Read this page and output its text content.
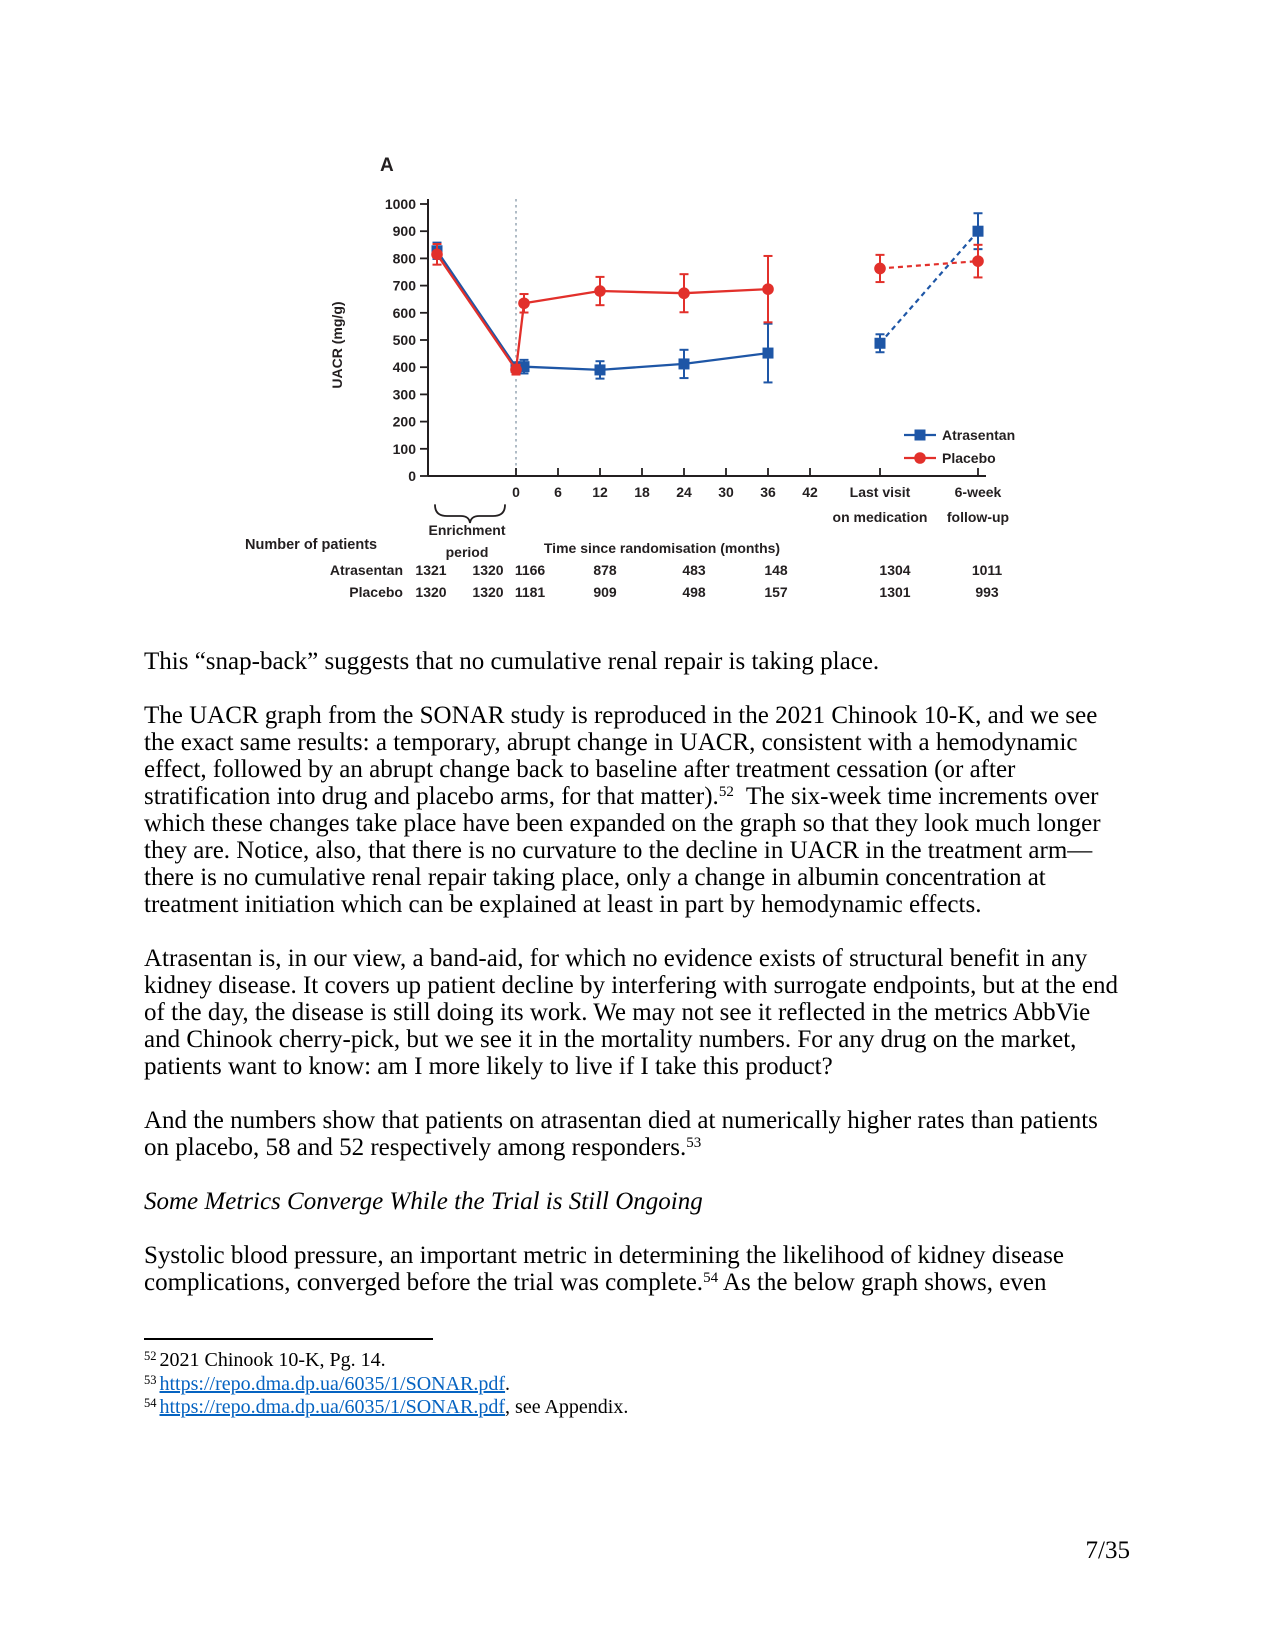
A
UACR (mg/g)
0
100
200
300
400
500
600
700
800
900
1000
0 6 12 18 24 30 36 42 Last visit
on medication
6-week
follow-up
Enrichment
period	Time since randomisation (months)
Atrasentan
Placebo
Number of patients
Atrasentan 1321 1320 1166	878	483	148	1304	1011
Placebo 1320 1320 1181	909	498	157	1301	993
This “snap-back” suggests that no cumulative renal repair is taking place.
The UACR graph from the SONAR study is reproduced in the 2021 Chinook 10-K, and we see
the exact same results: a temporary, abrupt change in UACR, consistent with a hemodynamic
effect, followed by an abrupt change back to baseline after treatment cessation (or after
stratification into drug and placebo arms, for that matter).$^{52}$  The six-week time increments over
which these changes take place have been expanded on the graph so that they look much longer
they are. Notice, also, that there is no curvature to the decline in UACR in the treatment arm—
there is no cumulative renal repair taking place, only a change in albumin concentration at
treatment initiation which can be explained at least in part by hemodynamic effects.
Atrasentan is, in our view, a band-aid, for which no evidence exists of structural benefit in any
kidney disease. It covers up patient decline by interfering with surrogate endpoints, but at the end
of the day, the disease is still doing its work. We may not see it reflected in the metrics AbbVie
and Chinook cherry-pick, but we see it in the mortality numbers. For any drug on the market,
patients want to know: am I more likely to live if I take this product?
And the numbers show that patients on atrasentan died at numerically higher rates than patients
on placebo, 58 and 52 respectively among responders.$^{53}$
Some Metrics Converge While the Trial is Still Ongoing
Systolic blood pressure, an important metric in determining the likelihood of kidney disease
complications, converged before the trial was complete.$^{54}$ As the below graph shows, even
$^{52}$ 2021 Chinook 10-K, Pg. 14.
$^{53}$ https://repo.dma.dp.ua/6035/1/SONAR.pdf.
$^{54}$ https://repo.dma.dp.ua/6035/1/SONAR.pdf, see Appendix.
7/35
